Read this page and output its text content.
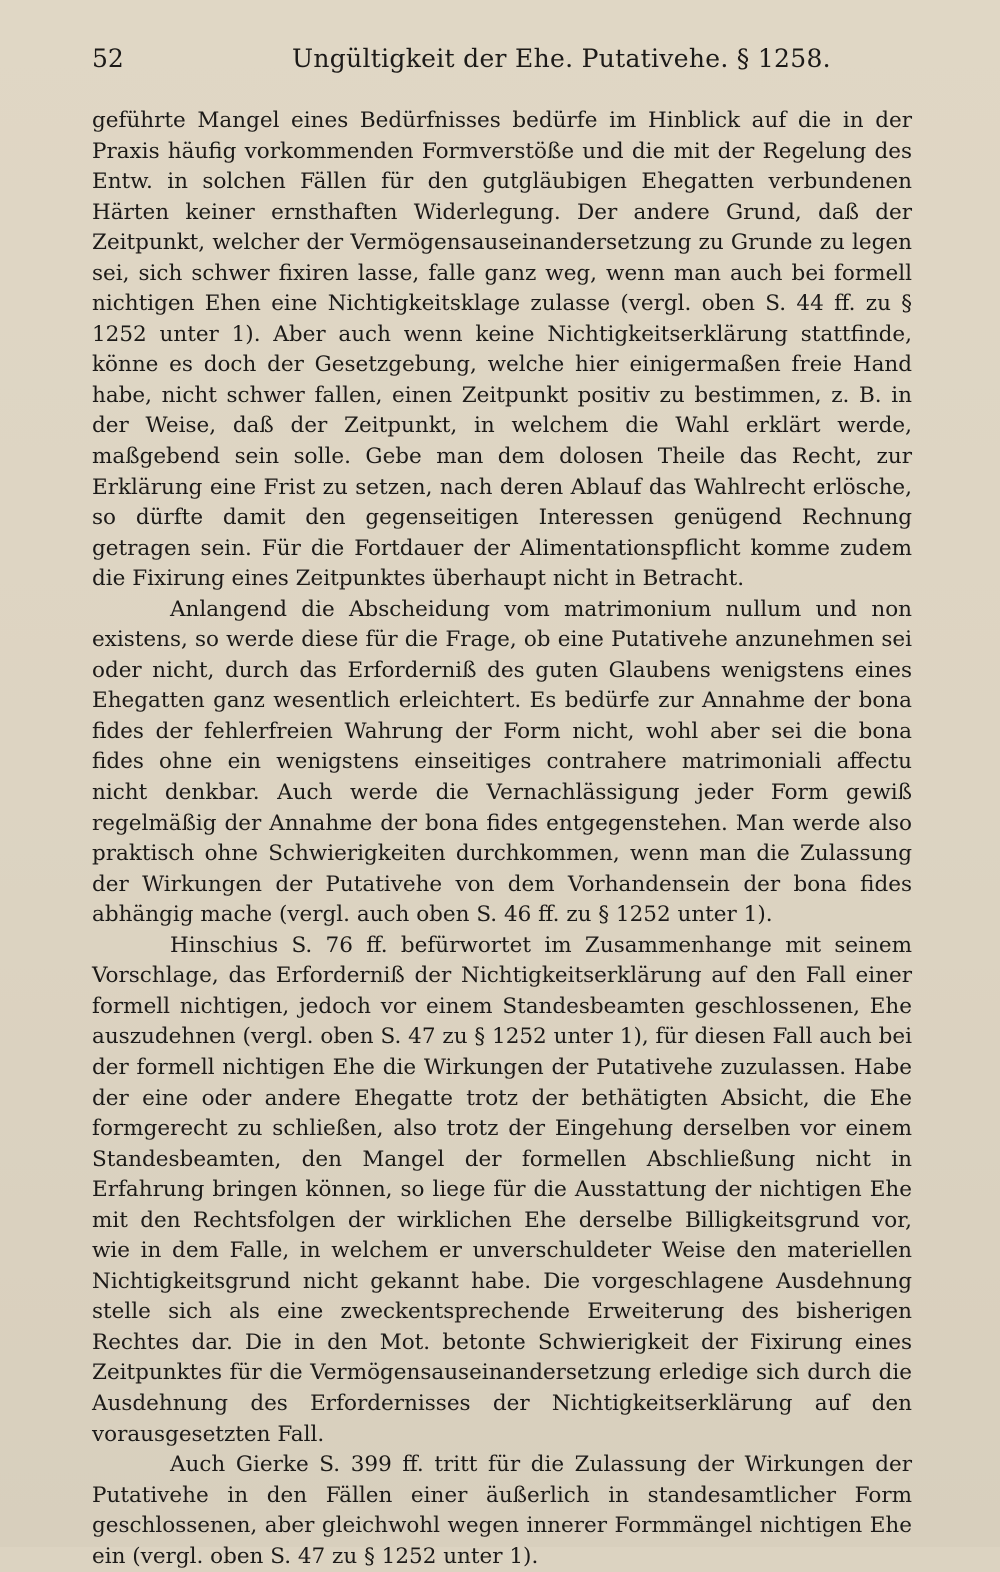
52	Ungültigkeit der Ehe. Putativehe. § 1258.

geführte Mangel eines Bedürfnisses bedürfe im Hinblick auf die in der Praxis häufig vorkommenden Formverstöße und die mit der Regelung des Entw. in solchen Fällen für den gutgläubigen Ehegatten verbundenen Härten keiner ernsthaften Widerlegung. Der andere Grund, daß der Zeitpunkt, welcher der Vermögensauseinandersetzung zu Grunde zu legen sei, sich schwer fixiren lasse, falle ganz weg, wenn man auch bei formell nichtigen Ehen eine Nichtigkeitsklage zulasse (vergl. oben S. 44 ff. zu § 1252 unter 1). Aber auch wenn keine Nichtigkeitserklärung stattfinde, könne es doch der Gesetzgebung, welche hier einigermaßen freie Hand habe, nicht schwer fallen, einen Zeitpunkt positiv zu bestimmen, z. B. in der Weise, daß der Zeitpunkt, in welchem die Wahl erklärt werde, maßgebend sein solle. Gebe man dem dolosen Theile das Recht, zur Erklärung eine Frist zu setzen, nach deren Ablauf das Wahlrecht erlösche, so dürfte damit den gegenseitigen Interessen genügend Rechnung getragen sein. Für die Fortdauer der Alimentationspflicht komme zudem die Fixirung eines Zeitpunktes überhaupt nicht in Betracht.

Anlangend die Abscheidung vom matrimonium nullum und non existens, so werde diese für die Frage, ob eine Putativehe anzunehmen sei oder nicht, durch das Erforderniß des guten Glaubens wenigstens eines Ehegatten ganz wesentlich erleichtert. Es bedürfe zur Annahme der bona fides der fehlerfreien Wahrung der Form nicht, wohl aber sei die bona fides ohne ein wenigstens einseitiges contrahere matrimoniali affectu nicht denkbar. Auch werde die Vernachlässigung jeder Form gewiß regelmäßig der Annahme der bona fides entgegenstehen. Man werde also praktisch ohne Schwierigkeiten durchkommen, wenn man die Zulassung der Wirkungen der Putativehe von dem Vorhandensein der bona fides abhängig mache (vergl. auch oben S. 46 ff. zu § 1252 unter 1).

Hinschius S. 76 ff. befürwortet im Zusammenhange mit seinem Vorschlage, das Erforderniß der Nichtigkeitserklärung auf den Fall einer formell nichtigen, jedoch vor einem Standesbeamten geschlossenen, Ehe auszudehnen (vergl. oben S. 47 zu § 1252 unter 1), für diesen Fall auch bei der formell nichtigen Ehe die Wirkungen der Putativehe zuzulassen. Habe der eine oder andere Ehegatte trotz der bethätigten Absicht, die Ehe formgerecht zu schließen, also trotz der Eingehung derselben vor einem Standesbeamten, den Mangel der formellen Abschließung nicht in Erfahrung bringen können, so liege für die Ausstattung der nichtigen Ehe mit den Rechtsfolgen der wirklichen Ehe derselbe Billigkeitsgrund vor, wie in dem Falle, in welchem er unverschuldeter Weise den materiellen Nichtigkeitsgrund nicht gekannt habe. Die vorgeschlagene Ausdehnung stelle sich als eine zweckentsprechende Erweiterung des bisherigen Rechtes dar. Die in den Mot. betonte Schwierigkeit der Fixirung eines Zeitpunktes für die Vermögensauseinandersetzung erledige sich durch die Ausdehnung des Erfordernisses der Nichtigkeitserklärung auf den vorausgesetzten Fall.

Auch Gierke S. 399 ff. tritt für die Zulassung der Wirkungen der Putativehe in den Fällen einer äußerlich in standesamtlicher Form geschlossenen, aber gleichwohl wegen innerer Formmängel nichtigen Ehe ein (vergl. oben S. 47 zu § 1252 unter 1).
